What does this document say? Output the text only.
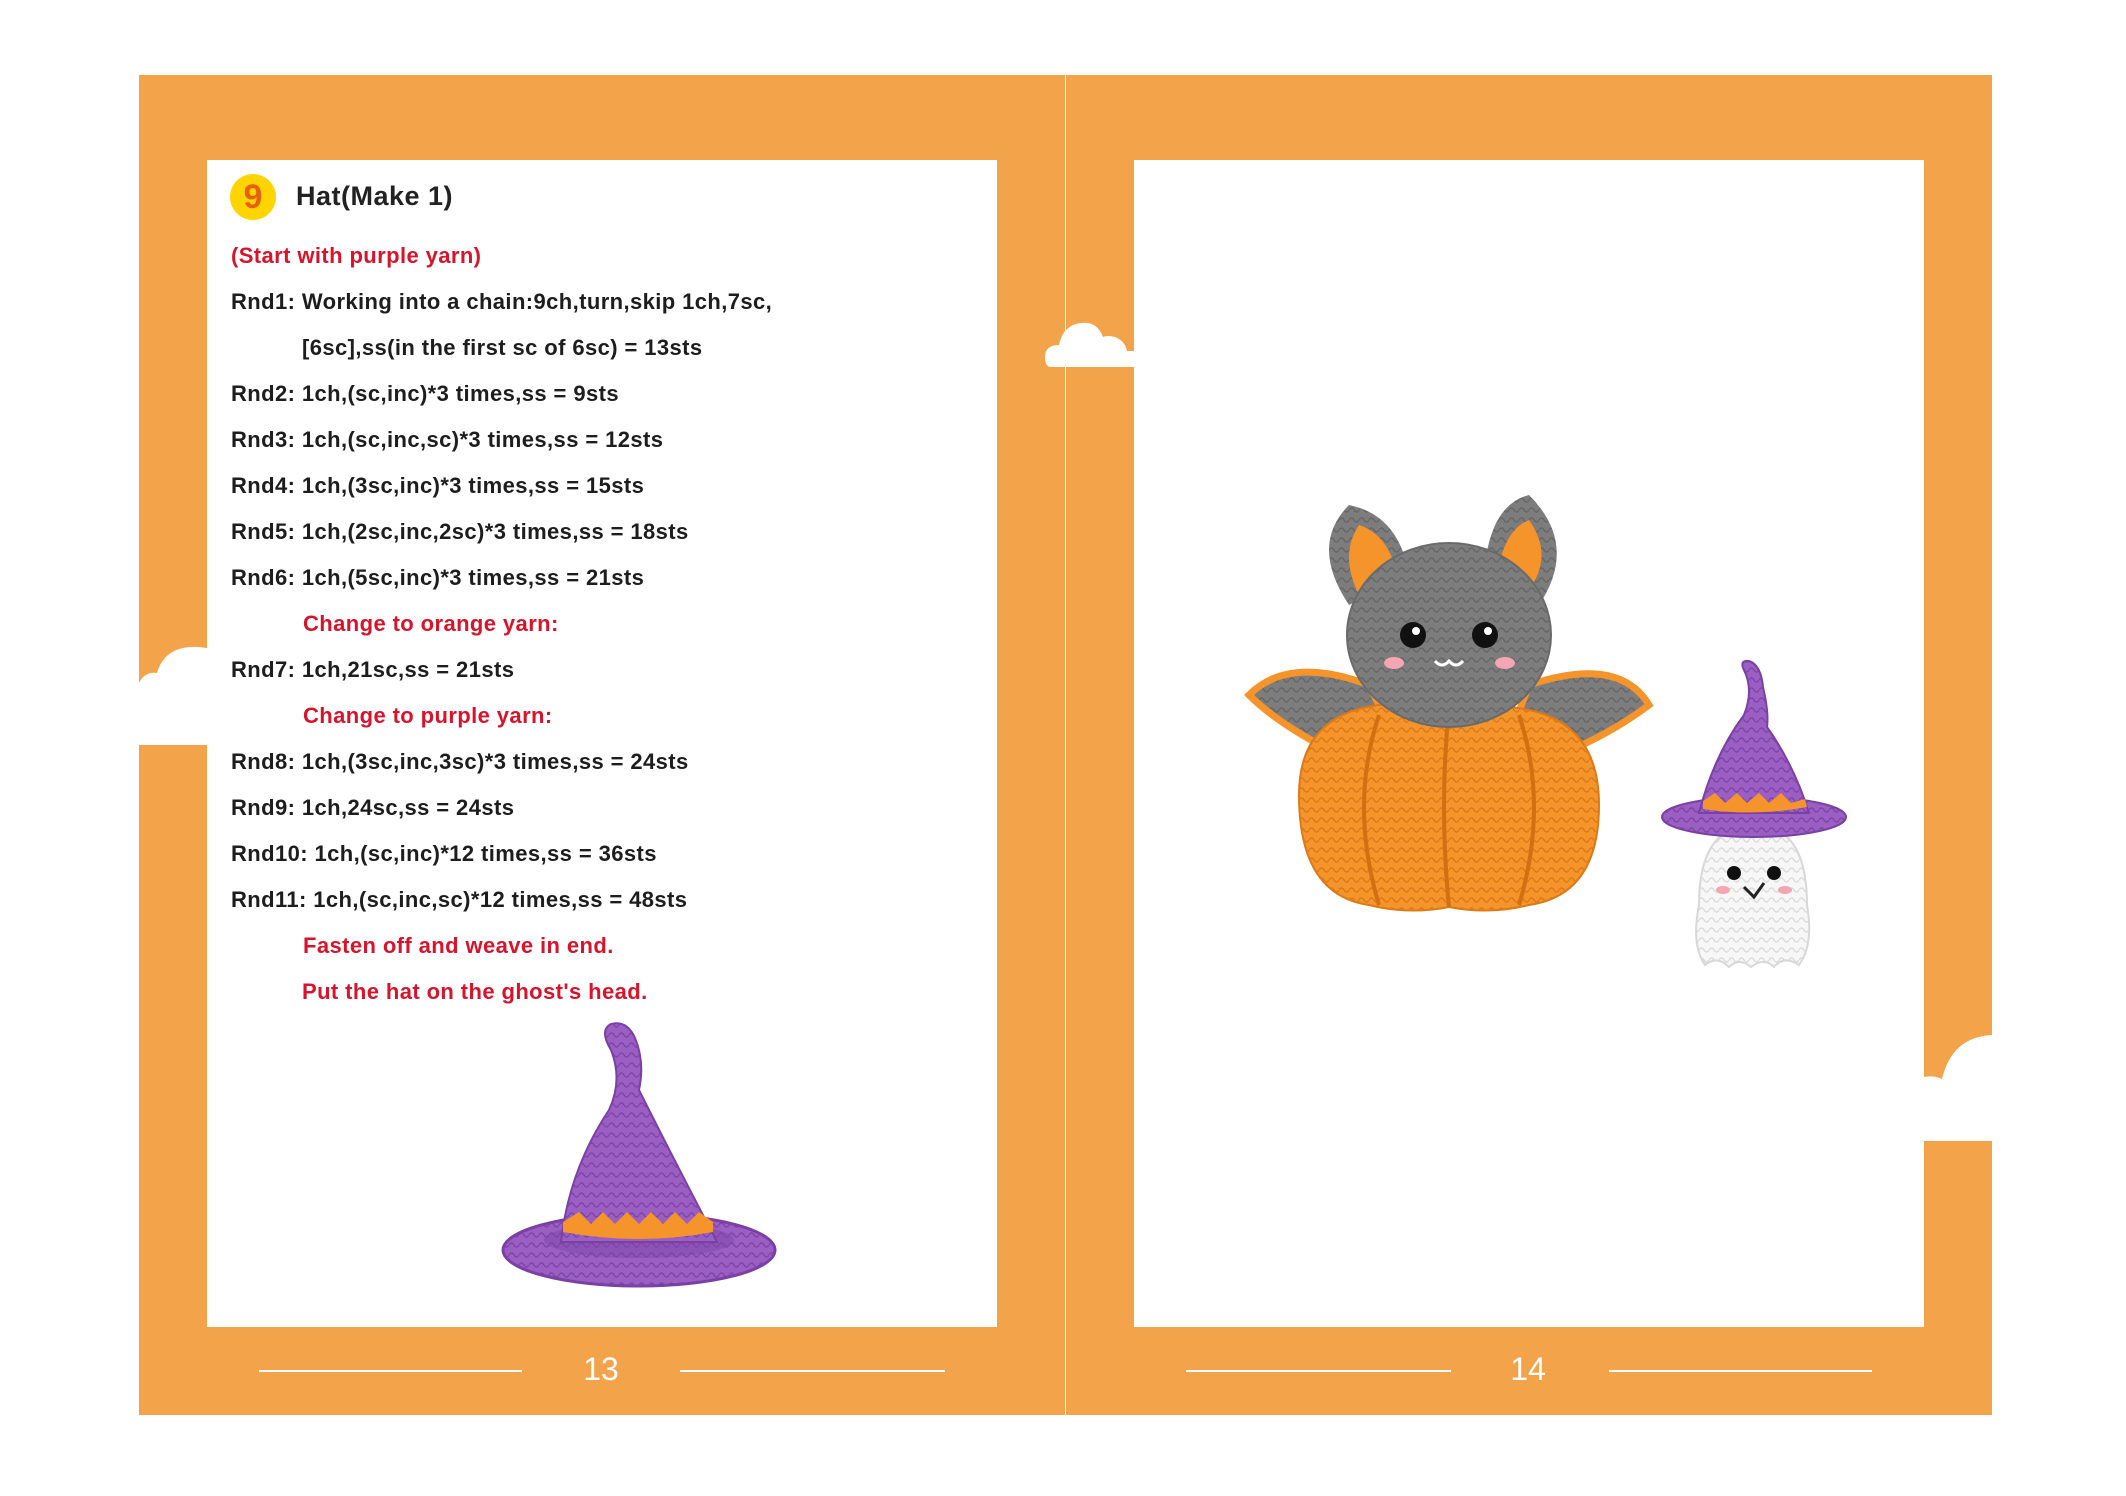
9	Hat(Make 1)
(Start with purple yarn)
Rnd1: Working into a chain:9ch,turn,skip 1ch,7sc,
[6sc],ss(in the first sc of 6sc) = 13sts
Rnd2: 1ch,(sc,inc)*3 times,ss = 9sts
Rnd3: 1ch,(sc,inc,sc)*3 times,ss = 12sts
Rnd4: 1ch,(3sc,inc)*3 times,ss = 15sts
Rnd5: 1ch,(2sc,inc,2sc)*3 times,ss = 18sts
Rnd6: 1ch,(5sc,inc)*3 times,ss = 21sts
Change to orange yarn:
Rnd7: 1ch,21sc,ss = 21sts
Change to purple yarn:
Rnd8: 1ch,(3sc,inc,3sc)*3 times,ss = 24sts
Rnd9: 1ch,24sc,ss = 24sts
Rnd10: 1ch,(sc,inc)*12 times,ss = 36sts
Rnd11: 1ch,(sc,inc,sc)*12 times,ss = 48sts
Fasten off and weave in end.
Put the hat on the ghost's head.
13	14
